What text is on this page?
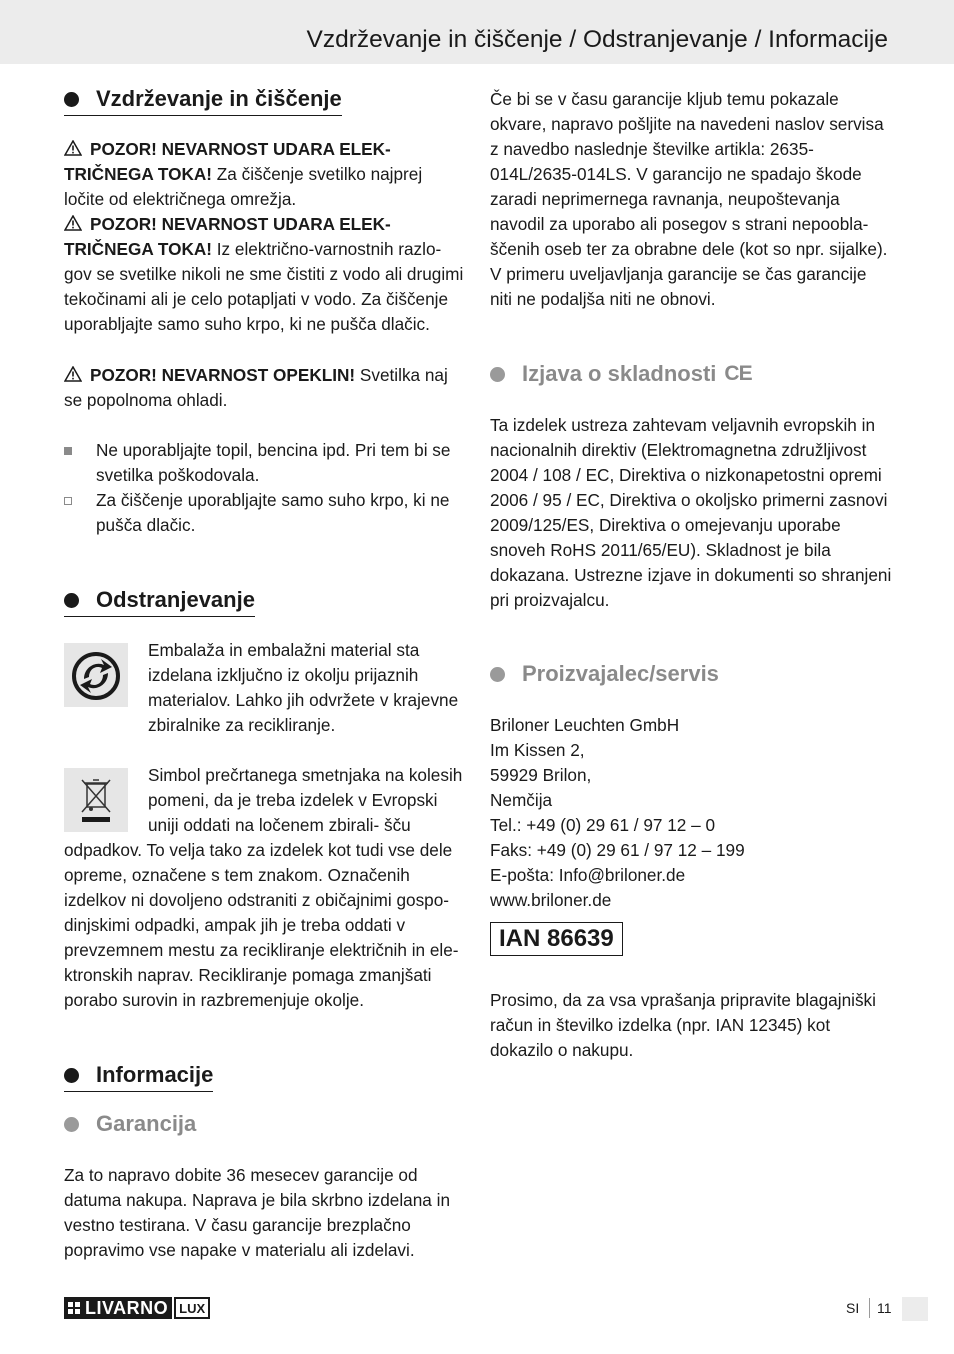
Vzdrževanje in čiščenje / Odstranjevanje / Informacije
Vzdrževanje in čiščenje

POZOR! NEVARNOST UDARA ELEK- TRIČNEGA TOKA! Za čiščenje svetilko najprej ločite od električnega omrežja.

POZOR! NEVARNOST UDARA ELEK- TRIČNEGA TOKA! Iz električno-varnostnih razlo- gov se svetilke nikoli ne sme čistiti z vodo ali drugimi tekočinami ali je celo potapljati v vodo. Za čiščenje uporabljajte samo suho krpo, ki ne pušča dlačic.

POZOR! NEVARNOST OPEKLIN! Svetilka naj se popolnoma ohladi.

Ne uporabljajte topil, bencina ipd. Pri tem bi se svetilka poškodovala.
Za čiščenje uporabljajte samo suho krpo, ki ne pušča dlačic.
Odstranjevanje

Embalaža in embalažni material sta izdelana izključno iz okolju prijaznih materialov. Lahko jih odvržete v krajevne zbiralnike za recikliranje.

Simbol prečrtanega smetnjaka na kolesih pomeni, da je treba izdelek v Evropski uniji oddati na ločenem zbirali- šču odpadkov. To velja tako za izdelek kot tudi vse dele opreme, označene s tem znakom. Označenih izdelkov ni dovoljeno odstraniti z običajnimi gospo- dinjskimi odpadki, ampak jih je treba oddati v prevzemnem mestu za recikliranje električnih in ele- ktronskih naprav. Recikliranje pomaga zmanjšati porabo surovin in razbremenjuje okolje.

Informacije
Garancija

Za to napravo dobite 36 mesecev garancije od datuma nakupa. Naprava je bila skrbno izdelana in vestno testirana. V času garancije brezplačno popravimo vse napake v materialu ali izdelavi.

Če bi se v času garancije kljub temu pokazale okvare, napravo pošljite na navedeni naslov servisa z navedbo naslednje številke artikla: 2635-014L/2635-014LS. V garancijo ne spadajo škode zaradi neprimernega ravnanja, neupoštevanja navodil za uporabo ali posegov s strani nepoobla- ščenih oseb ter za obrabne dele (kot so npr. sijalke). V primeru uveljavljanja garancije se čas garancije niti ne podaljša niti ne obnovi.

Izjava o skladnosti CE

Ta izdelek ustreza zahtevam veljavnih evropskih in nacionalnih direktiv (Elektromagnetna združljivost 2004 / 108 / EC, Direktiva o nizkonapetostni opremi 2006 / 95 / EC, Direktiva o okoljsko primerni zasnovi 2009/125/ES, Direktiva o omejevanju uporabe snoveh RoHS 2011/65/EU). Skladnost je bila dokazana. Ustrezne izjave in dokumenti so shranjeni pri proizvajalcu.

Proizvajalec/servis

Briloner Leuchten GmbH

Im Kissen 2,

59929 Brilon,

Nemčija

Tel.: +49 (0) 29 61 / 97 12 – 0

Faks: +49 (0) 29 61 / 97 12 – 199

E-pošta: Info@briloner.de

www.briloner.de

IAN 86639

Prosimo, da za vsa vprašanja pripravite blagajniški račun in številko izdelka (npr. IAN 12345) kot dokazilo o nakupu.

LIVARNO LUX	SI 11
